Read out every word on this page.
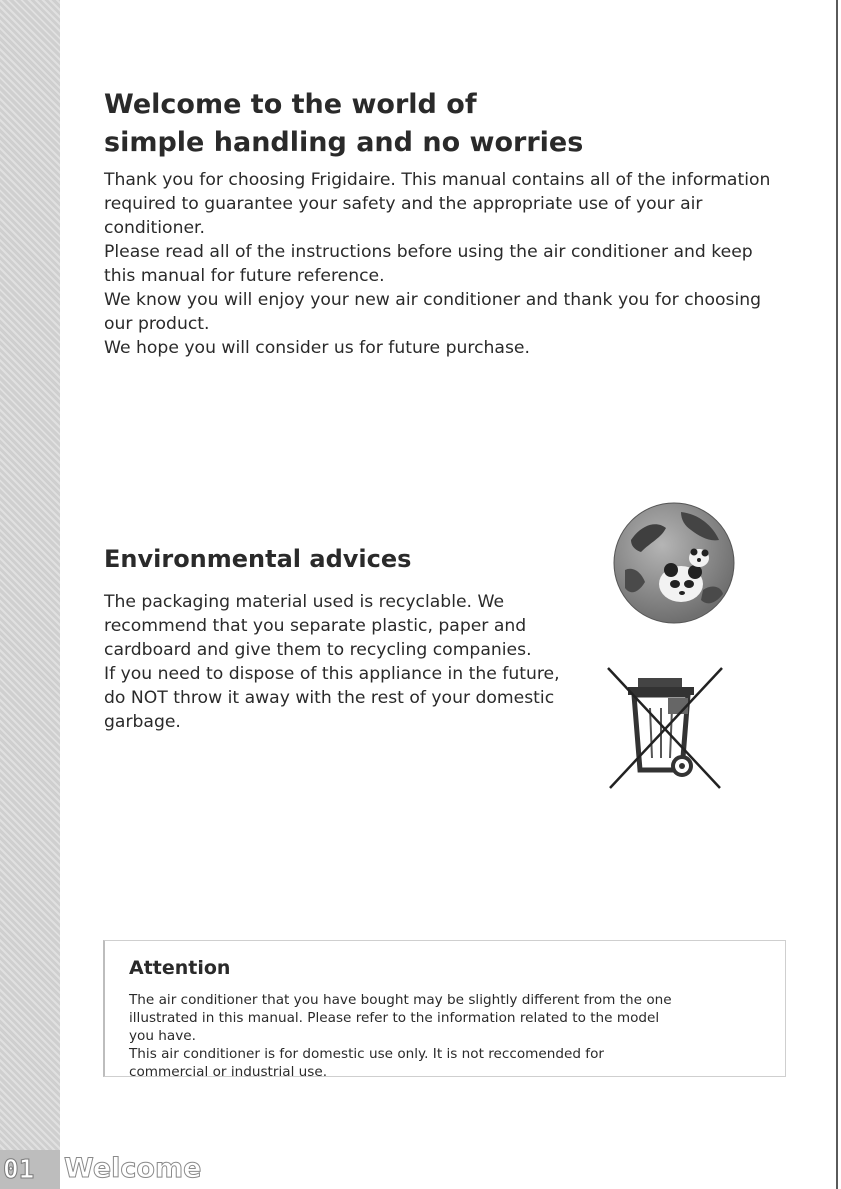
Welcome to the world of
simple handling and no worries

Thank you for choosing Frigidaire. This manual contains all of the information

required to guarantee your safety and the appropriate use of your air

conditioner.

Please read all of the instructions before using the air conditioner and keep

this manual for future reference.

We know you will enjoy your new air conditioner and thank you for choosing

our product.

We hope you will consider us for future purchase.

Environmental advices

The packaging material used is recyclable. We

recommend that you separate plastic, paper and

cardboard and give them to recycling companies.

If you need to dispose of this appliance in the future,

do NOT throw it away with the rest of your domestic

garbage.

Attention

The air conditioner that you have bought may be slightly different from the one

illustrated in this manual. Please refer to the information related to the model

you have.

This air conditioner is for domestic use only. It is not reccomended for

commercial or industrial use.

01 Welcome
